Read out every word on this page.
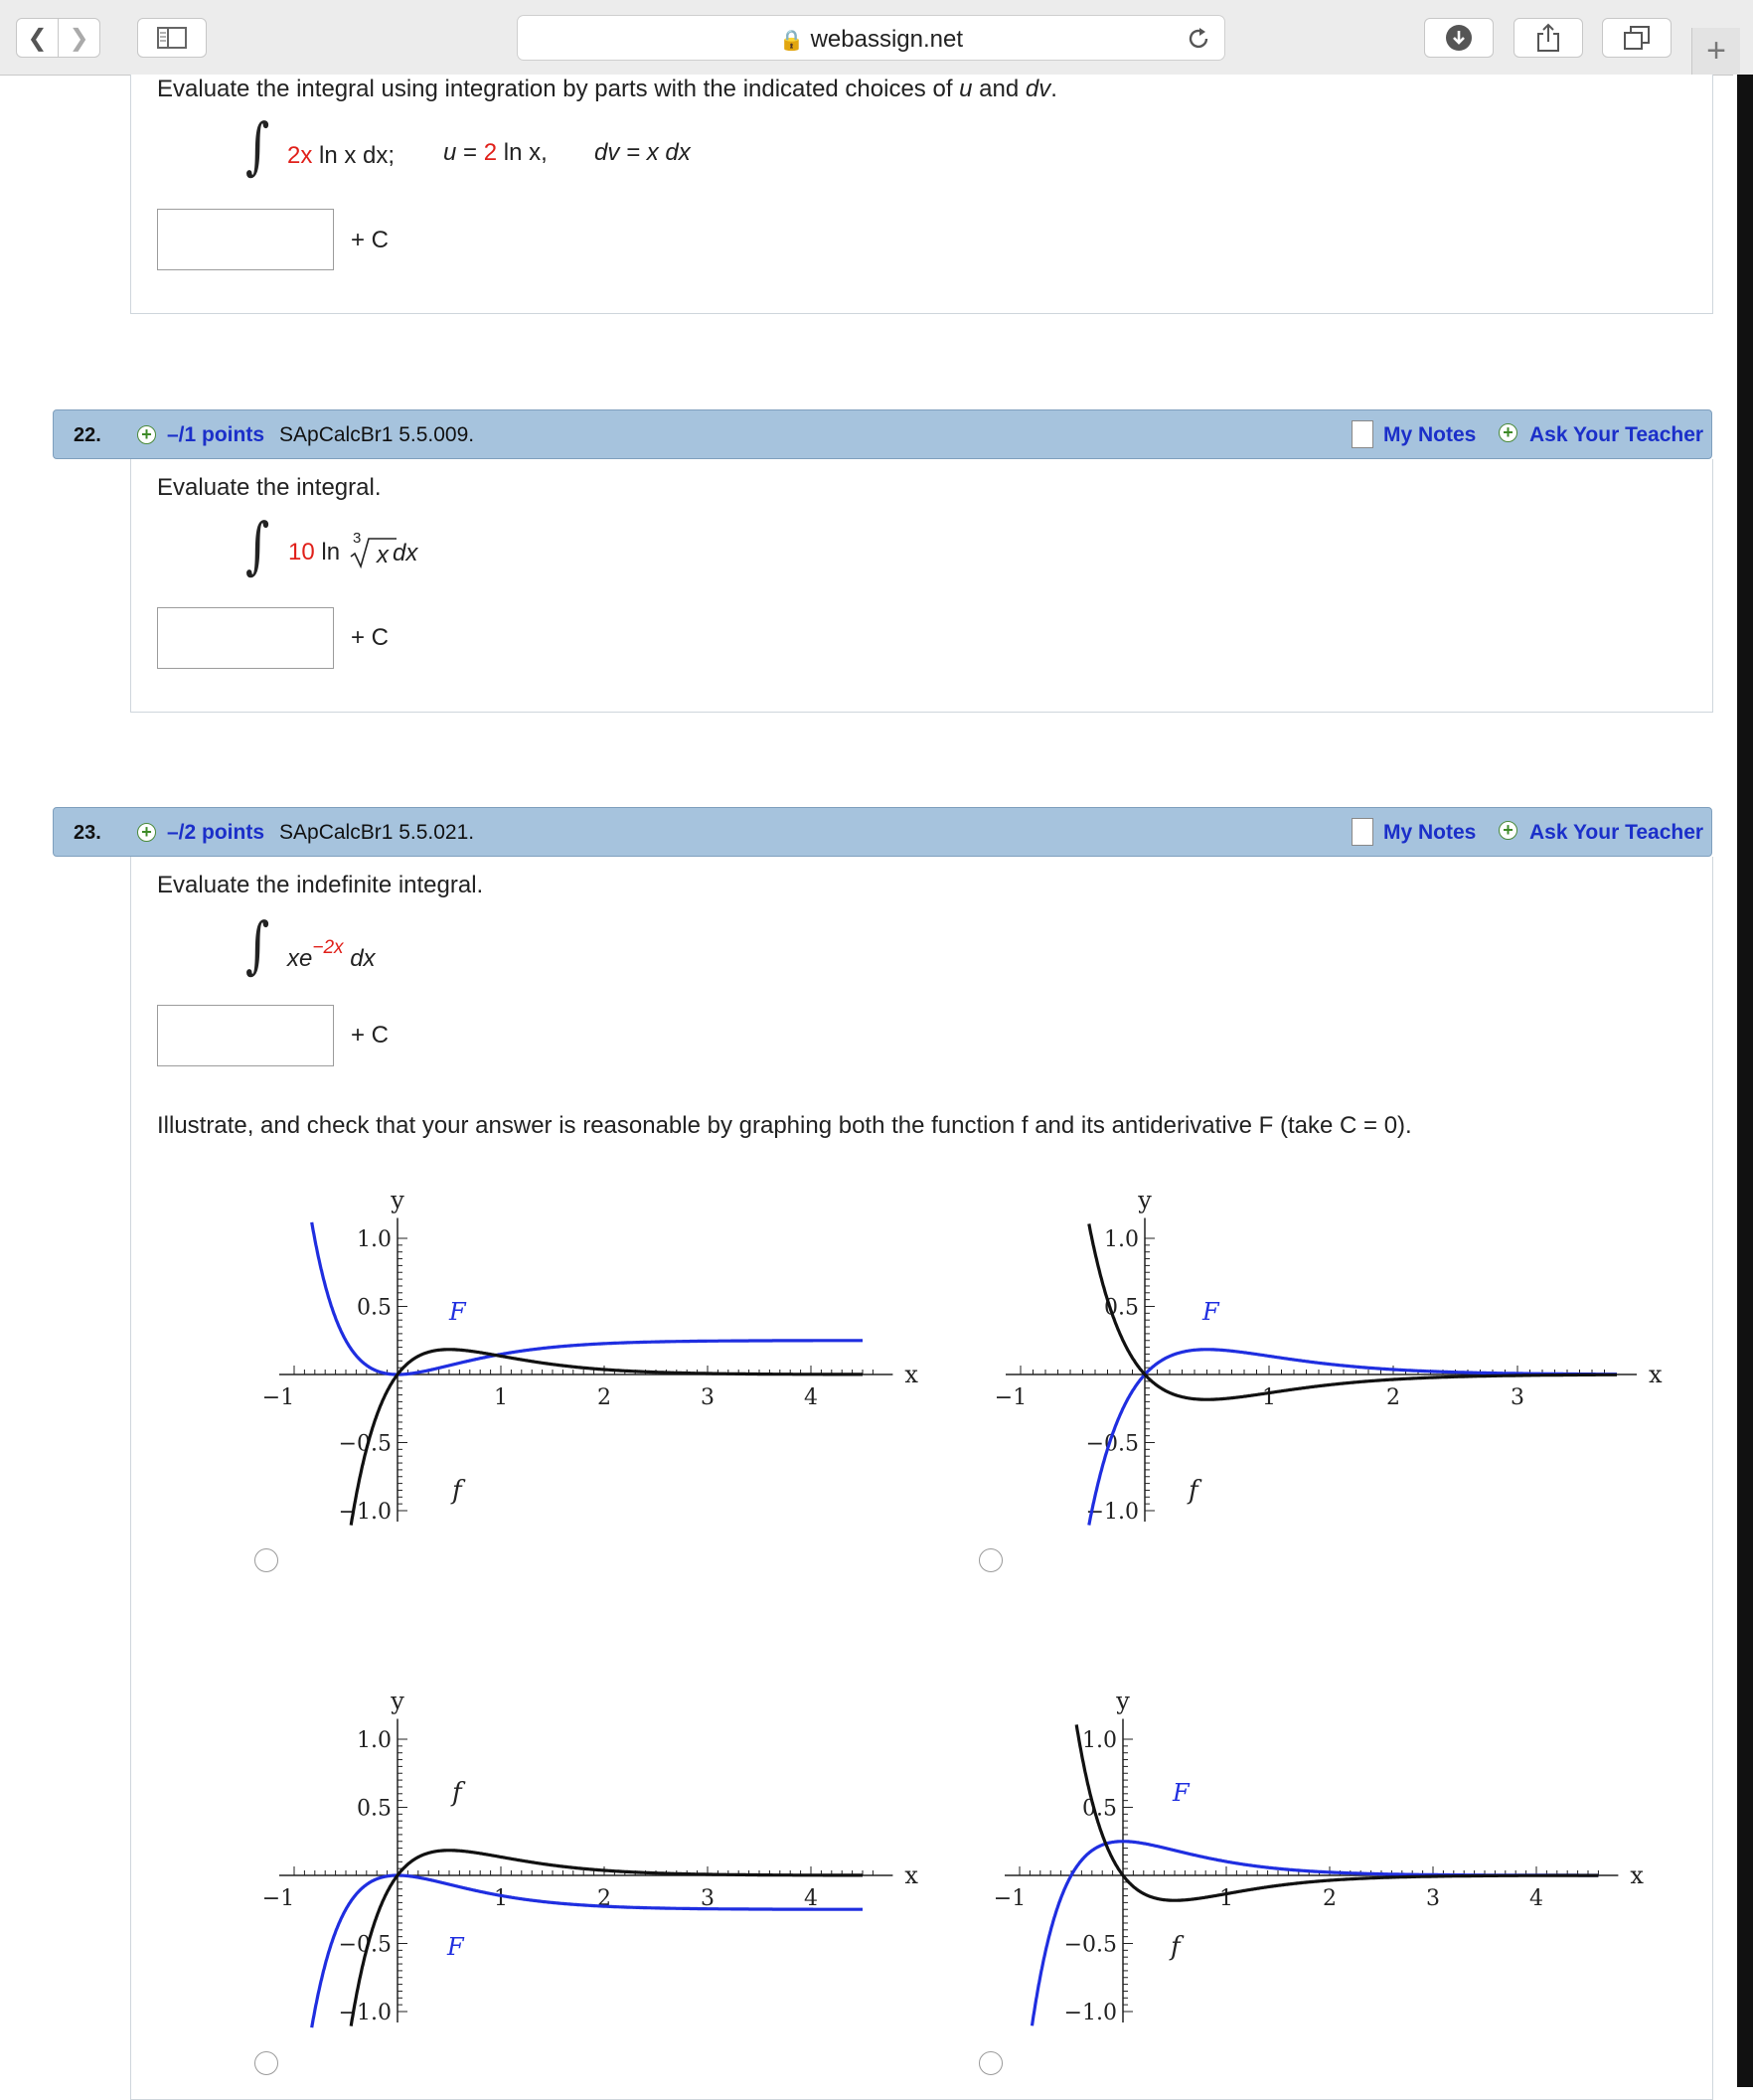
❮ ❯	🔒 webassign.net	+
Evaluate the integral using integration by parts with the indicated choices of u and dv.
∫ 2x ln x dx; u = 2 ln x, dv = x dx
+ C
22. + –/1 points SApCalcBr1 5.5.009.	My Notes + Ask Your Teacher
Evaluate the integral.
∫ 10 ln
3
x dx
+ C
23. + –/2 points SApCalcBr1 5.5.021.	My Notes + Ask Your Teacher
Evaluate the indefinite integral.
∫ $xe^{-2x}$ dx
+ C
Illustrate, and check that your answer is reasonable by graphing both the function f and its antiderivative F (take C = 0).
1.0
0.5
−0.5
−1.0
−1	1	2	3	4
y
x
F
f
1.0
0.5
−0.5
−1.0
−1	1	2	3
y
x
F
f
1.0
0.5
−0.5
−1.0
−1	1	2	3	4
y
x
F
f
1.0
0.5
−0.5
−1.0
−1	1	2	3	4
y
x
F
f
